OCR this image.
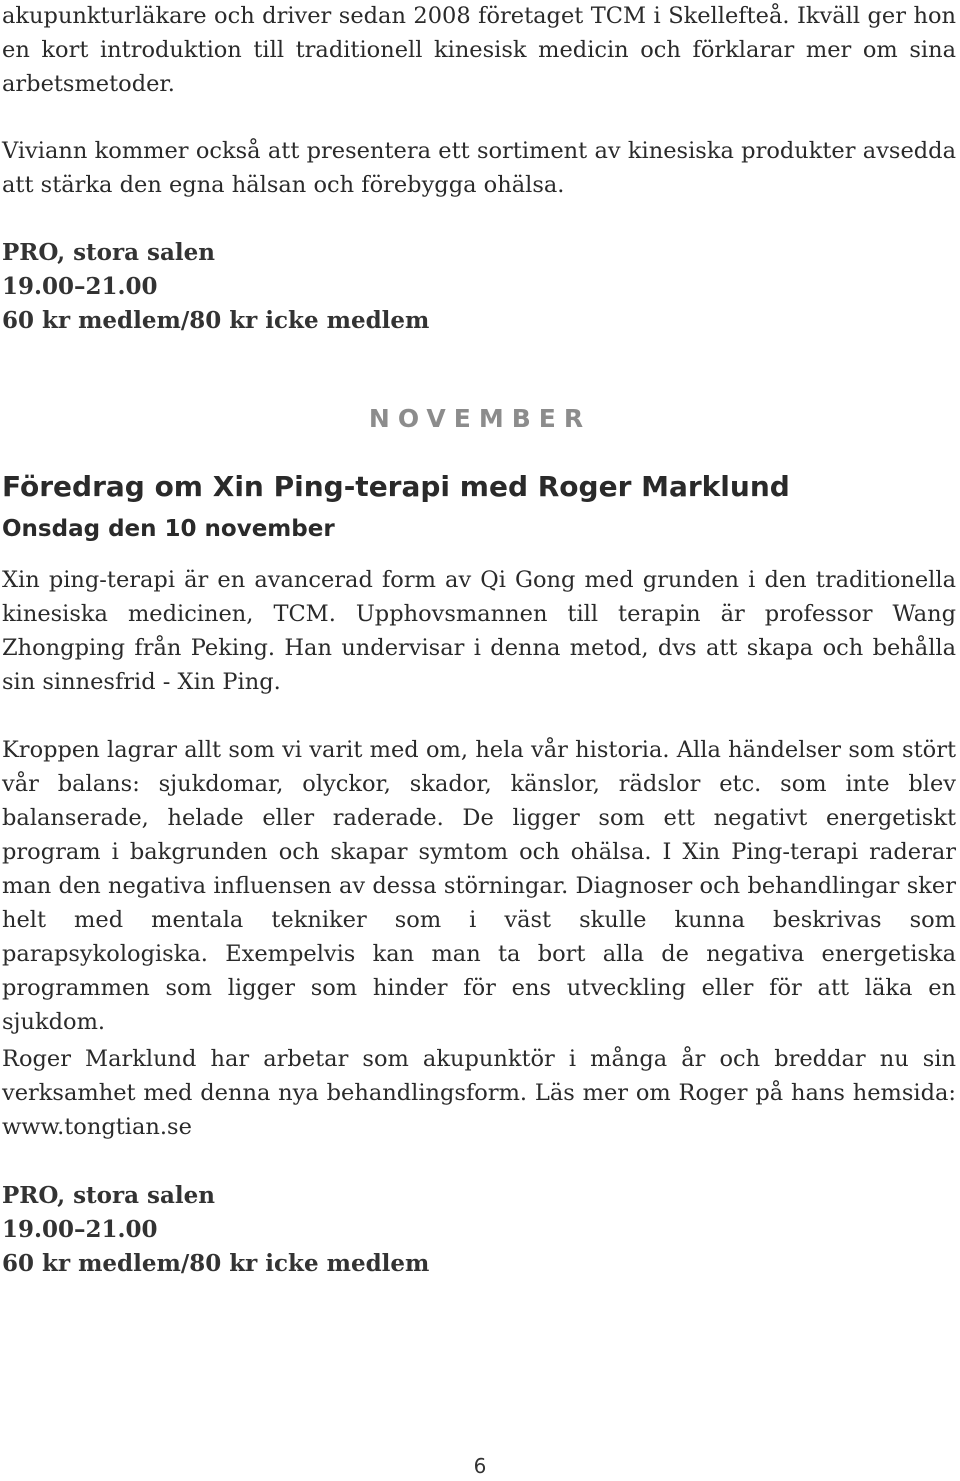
akupunkturläkare och driver sedan 2008 företaget TCM i Skellefteå. Ikväll ger hon en kort introduktion till traditionell kinesisk medicin och förklarar mer om sina arbetsmetoder.

Viviann kommer också att presentera ett sortiment av kinesiska produkter avsedda att stärka den egna hälsan och förebygga ohälsa.

PRO, stora salen
19.00–21.00
60 kr medlem/80 kr icke medlem
NOVEMBER
Föredrag om Xin Ping-terapi med Roger Marklund
Onsdag den 10 november

Xin ping-terapi är en avancerad form av Qi Gong med grunden i den traditionella kinesiska medicinen, TCM. Upphovsmannen till terapin är professor Wang Zhongping från Peking. Han undervisar i denna metod, dvs att skapa och behålla sin sinnesfrid - Xin Ping.

Kroppen lagrar allt som vi varit med om, hela vår historia. Alla händelser som stört vår balans: sjukdomar, olyckor, skador, känslor, rädslor etc. som inte blev balanserade, helade eller raderade. De ligger som ett negativt energetiskt program i bakgrunden och skapar symtom och ohälsa. I Xin Ping-terapi raderar man den negativa influensen av dessa störningar. Diagnoser och behandlingar sker helt med mentala tekniker som i väst skulle kunna beskrivas som parapsykologiska. Exempelvis kan man ta bort alla de negativa energetiska programmen som ligger som hinder för ens utveckling eller för att läka en sjukdom.

Roger Marklund har arbetar som akupunktör i många år och breddar nu sin verksamhet med denna nya behandlingsform. Läs mer om Roger på hans hemsida: www.tongtian.se

PRO, stora salen
19.00–21.00
60 kr medlem/80 kr icke medlem
6
